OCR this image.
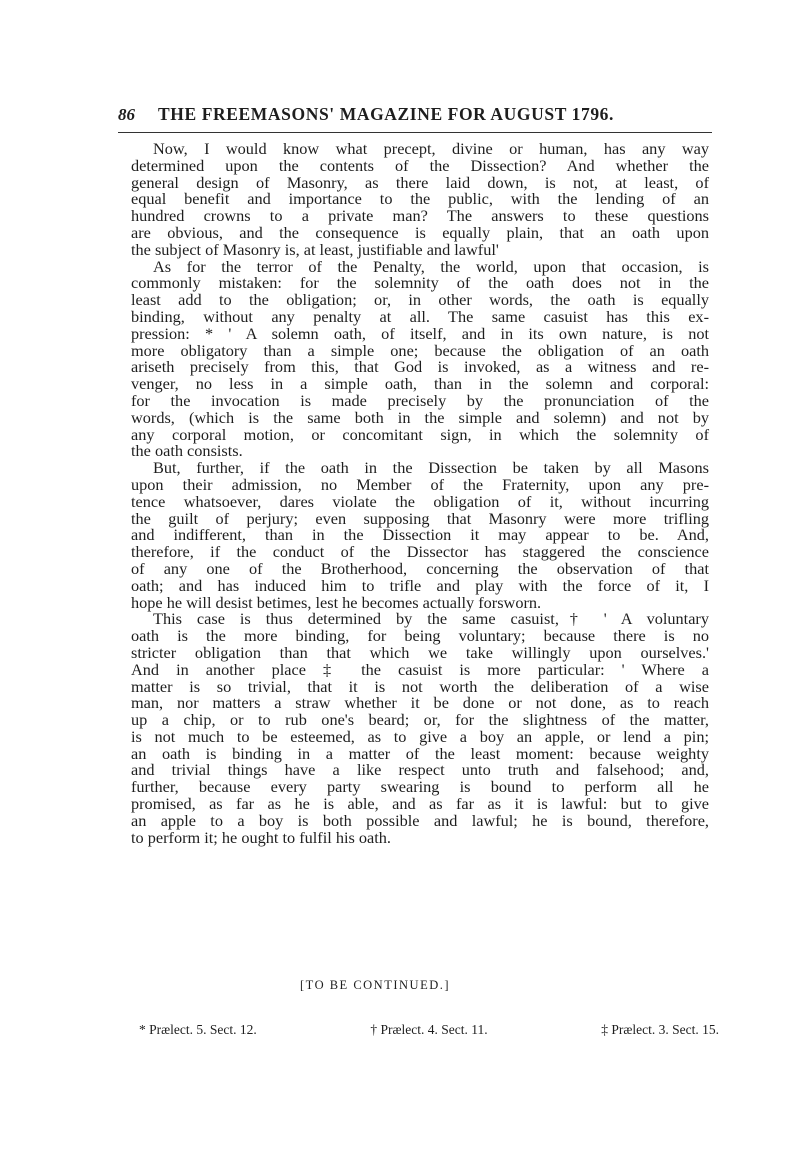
86	THE FREEMASONS' MAGAZINE FOR AUGUST 1796.
Now, I would know what precept, divine or human, has any way
determined upon the contents of the Dissection? And whether the
general design of Masonry, as there laid down, is not, at least, of
equal benefit and importance to the public, with the lending of an
hundred crowns to a private man? The answers to these questions
are obvious, and the consequence is equally plain, that an oath upon
the subject of Masonry is, at least, justifiable and lawful'
As for the terror of the Penalty, the world, upon that occasion, is
commonly mistaken: for the solemnity of the oath does not in the
least add to the obligation; or, in other words, the oath is equally
binding, without any penalty at all. The same casuist has this ex-
pression: * ' A solemn oath, of itself, and in its own nature, is not
more obligatory than a simple one; because the obligation of an oath
ariseth precisely from this, that God is invoked, as a witness and re-
venger, no less in a simple oath, than in the solemn and corporal:
for the invocation is made precisely by the pronunciation of the
words, (which is the same both in the simple and solemn) and not by
any corporal motion, or concomitant sign, in which the solemnity of
the oath consists.
But, further, if the oath in the Dissection be taken by all Masons
upon their admission, no Member of the Fraternity, upon any pre-
tence whatsoever, dares violate the obligation of it, without incurring
the guilt of perjury; even supposing that Masonry were more trifling
and indifferent, than in the Dissection it may appear to be. And,
therefore, if the conduct of the Dissector has staggered the conscience
of any one of the Brotherhood, concerning the observation of that
oath; and has induced him to trifle and play with the force of it, I
hope he will desist betimes, lest he becomes actually forsworn.
This case is thus determined by the same casuist,† ' A voluntary
oath is the more binding, for being voluntary; because there is no
stricter obligation than that which we take willingly upon ourselves.'
And in another place ‡ the casuist is more particular: ' Where a
matter is so trivial, that it is not worth the deliberation of a wise
man, nor matters a straw whether it be done or not done, as to reach
up a chip, or to rub one's beard; or, for the slightness of the matter,
is not much to be esteemed, as to give a boy an apple, or lend a pin;
an oath is binding in a matter of the least moment: because weighty
and trivial things have a like respect unto truth and falsehood; and,
further, because every party swearing is bound to perform all he
promised, as far as he is able, and as far as it is lawful: but to give
an apple to a boy is both possible and lawful; he is bound, therefore,
to perform it; he ought to fulfil his oath.
[TO BE CONTINUED.]
* Prælect. 5. Sect. 12.	† Prælect. 4. Sect. 11.	‡ Prælect. 3. Sect. 15.
